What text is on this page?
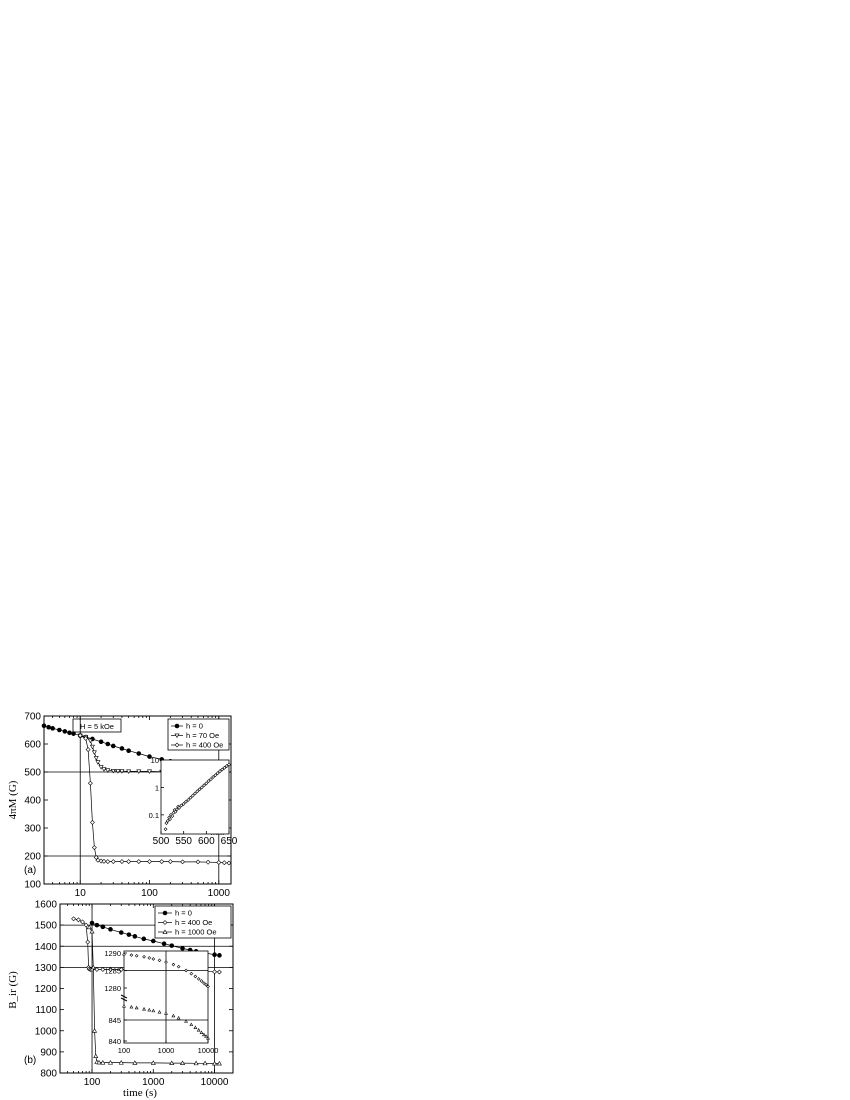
4πM (G)
(a)
H = 5 kOe
B_ir (G)
(b)
time (s)
100
200
300
400
500
600
700
10	100	1000
h = 0
h = 70 Oe
h = 400 Oe
500 550 600 650
0.1
1
10
800
900
1000
1100
1200
1300
1400
1500
1600
100	1000	10000
h = 0
h = 400 Oe
h = 1000 Oe
100	1000	10000
1280
1285
1290
840
845
